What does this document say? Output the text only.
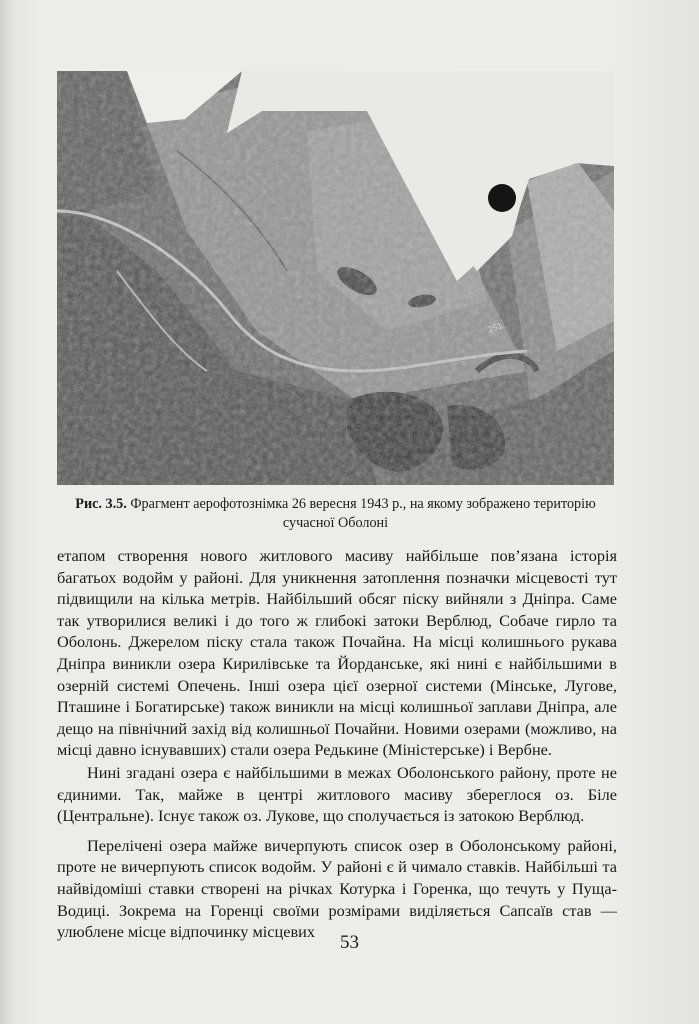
251
Рис. 3.5. Фрагмент аерофотознімка 26 вересня 1943 р., на якому зображено територію сучасної Оболоні

етапом створення нового житлового масиву найбільше пов’язана історія багатьох водойм у районі. Для уникнення затоплення позначки місцевості тут підвищили на кілька метрів. Найбільший обсяг піску вийняли з Дніпра. Саме так утворилися великі і до того ж глибокі затоки Верблюд, Собаче гирло та Оболонь. Джерелом піску стала також Почайна. На місці колишнього рукава Дніпра виникли озера Кирилівське та Йорданське, які нині є найбільшими в озерній системі Опечень. Інші озера цієї озерної системи (Мінське, Лугове, Пташине і Богатирське) також виникли на місці колишньої заплави Дніпра, але дещо на північний захід від колишньої Почайни. Новими озерами (можливо, на місці давно існувавших) стали озера Редькине (Міністерське) і Вербне.

Нині згадані озера є найбільшими в межах Оболонського району, проте не єдиними. Так, майже в центрі житлового масиву збереглося оз. Біле (Центральне). Існує також оз. Лукове, що сполучається із затокою Верблюд.

Перелічені озера майже вичерпують список озер в Оболонському районі, проте не вичерпують список водойм. У районі є й чимало ставків. Найбільші та найвідоміші ставки створені на річках Котурка і Горенка, що течуть у Пуща-Водиці. Зокрема на Горенці своїми розмірами виділяється Сапсаїв став — улюблене місце відпочинку місцевих

53
